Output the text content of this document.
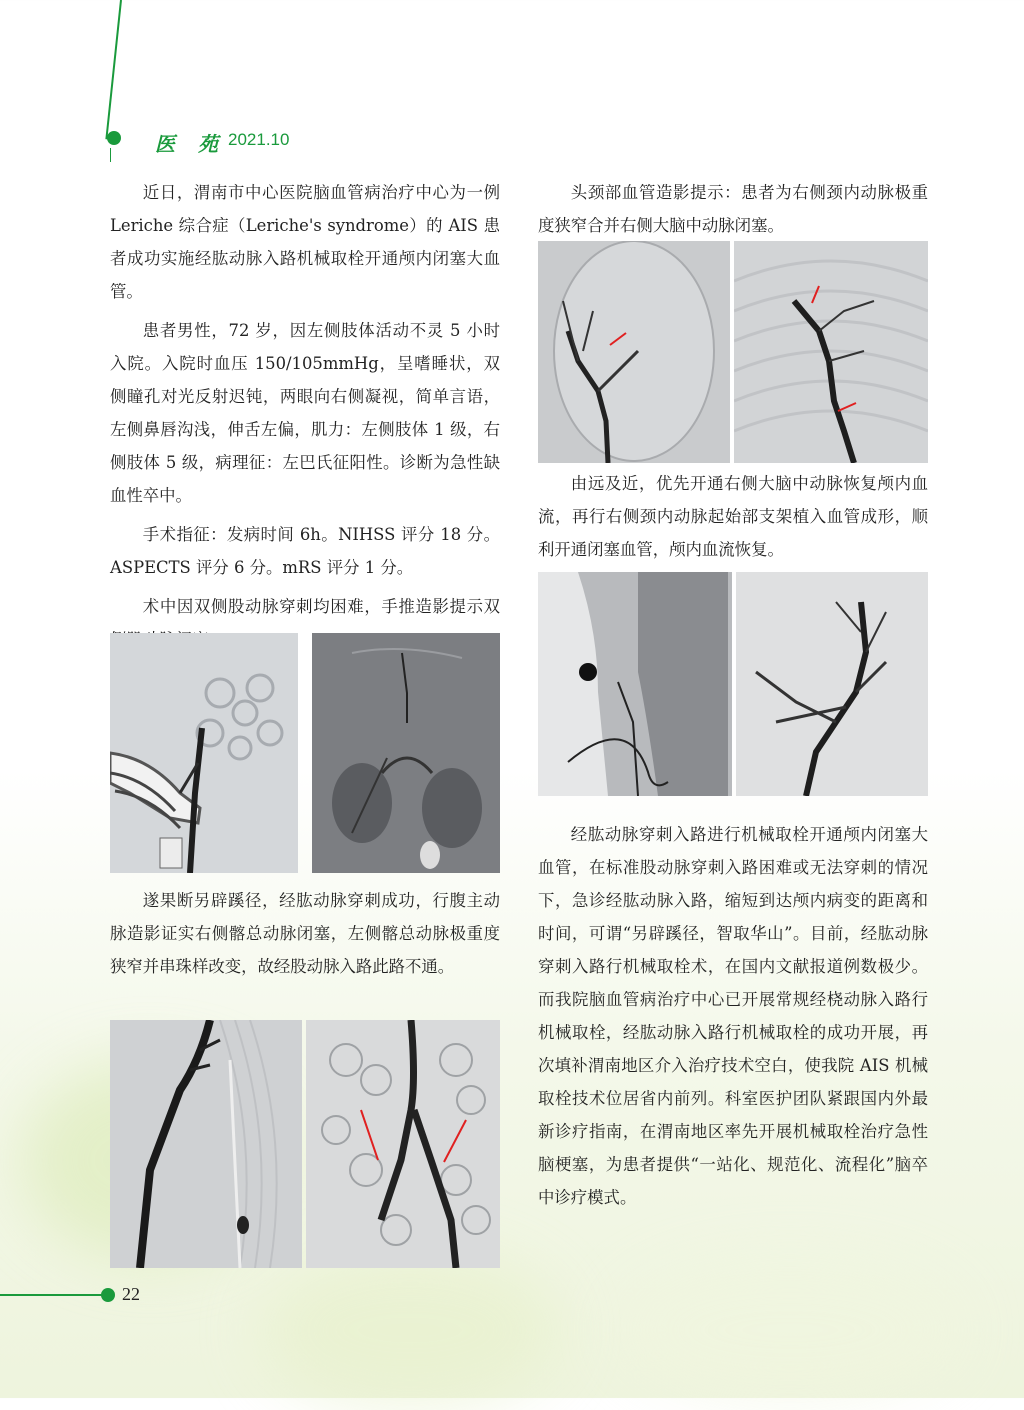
医 苑 2021.10

近日，渭南市中心医院脑血管病治疗中心为一例 Leriche 综合症（Leriche's syndrome）的 AIS 患者成功实施经肱动脉入路机械取栓开通颅内闭塞大血管。

患者男性，72 岁，因左侧肢体活动不灵 5 小时入院。入院时血压 150/105mmHg，呈嗜睡状，双侧瞳孔对光反射迟钝，两眼向右侧凝视，简单言语，左侧鼻唇沟浅，伸舌左偏，肌力：左侧肢体 1 级，右侧肢体 5 级，病理征：左巴氏征阳性。诊断为急性缺血性卒中。

手术指征：发病时间 6h。NIHSS 评分 18 分。ASPECTS 评分 6 分。mRS 评分 1 分。

术中因双侧股动脉穿刺均困难，手推造影提示双

遂果断另辟蹊径，经肱动脉穿刺成功，行腹主动脉造影证实右侧髂总动脉闭塞，左侧髂总动脉极重度狭窄并串珠样改变，故经股动脉入路此路不通。

头颈部血管造影提示：患者为右侧颈内动脉极重度狭窄合并右侧大脑中动脉闭塞。

由远及近，优先开通右侧大脑中动脉恢复颅内血流，再行右侧颈内动脉起始部支架植入血管成形，顺利开通闭塞血管，颅内血流恢复。

经肱动脉穿刺入路进行机械取栓开通颅内闭塞大血管，在标准股动脉穿刺入路困难或无法穿刺的情况下，急诊经肱动脉入路，缩短到达颅内病变的距离和时间，可谓“另辟蹊径，智取华山”。目前，经肱动脉穿刺入路行机械取栓术，在国内文献报道例数极少。而我院脑血管病治疗中心已开展常规经桡动脉入路行机械取栓，经肱动脉入路行机械取栓的成功开展，再次填补渭南地区介入治疗技术空白，使我院 AIS 机械取栓技术位居省内前列。科室医护团队紧跟国内外最新诊疗指南，在渭南地区率先开展机械取栓治疗急性脑梗塞，为患者提供“一站化、规范化、流程化”脑卒中诊疗模式。

22
